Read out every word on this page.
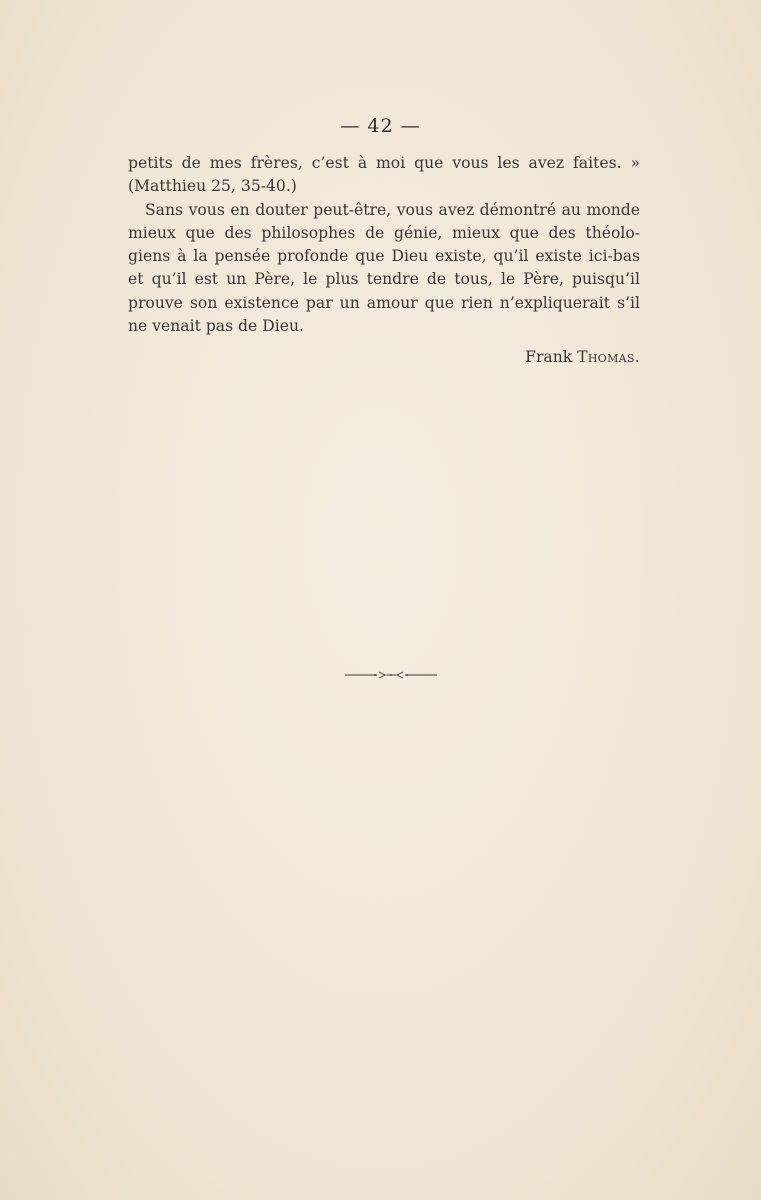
— 42 —
petits de mes frères, c’est à moi que vous les avez faites. »
(Matthieu 25, 35-40.)
Sans vous en douter peut-être, vous avez démontré au monde
mieux que des philosophes de génie, mieux que des théolo-
giens à la pensée profonde que Dieu existe, qu’il existe ici-bas
et qu’il est un Père, le plus tendre de tous, le Père, puisqu’il
prouve son existence par un amour que rien n’expliquerait s’il
ne venait pas de Dieu.
Frank Thomas.
